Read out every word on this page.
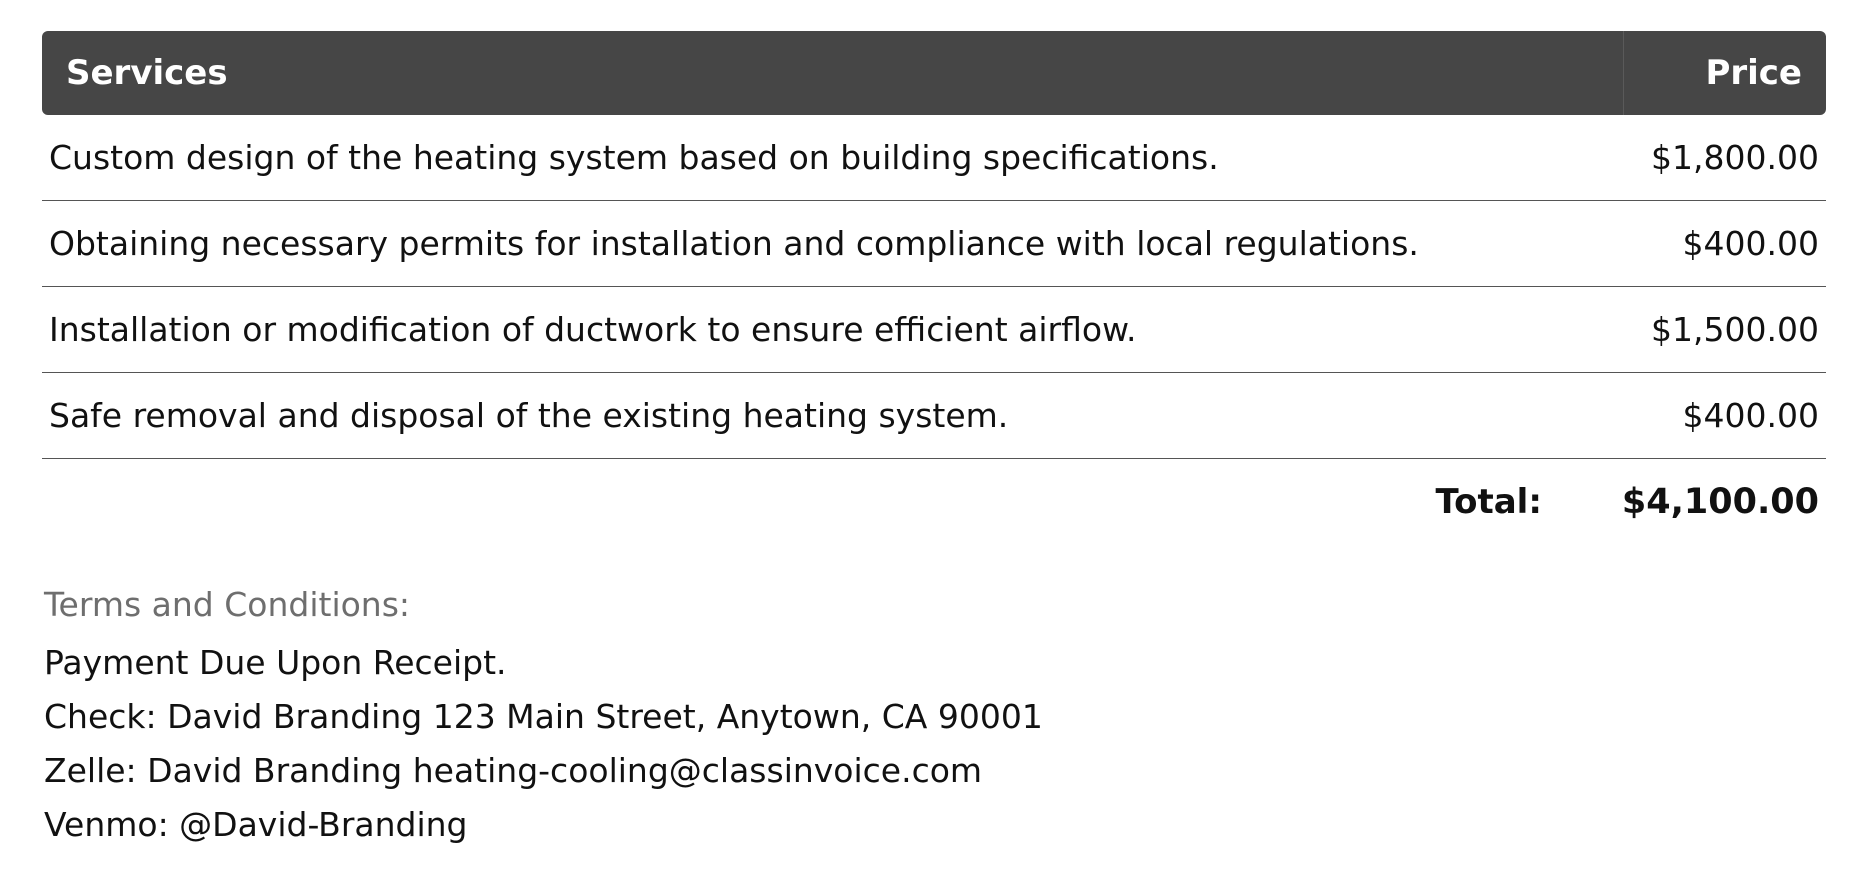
Services	Price
Custom design of the heating system based on building specifications.	$1,800.00
Obtaining necessary permits for installation and compliance with local regulations.	$400.00
Installation or modification of ductwork to ensure efficient airflow.	$1,500.00
Safe removal and disposal of the existing heating system.	$400.00
Total: $4,100.00
Terms and Conditions:
Payment Due Upon Receipt.
Check: David Branding 123 Main Street, Anytown, CA 90001
Zelle: David Branding heating-cooling@classinvoice.com
Venmo: @David-Branding
